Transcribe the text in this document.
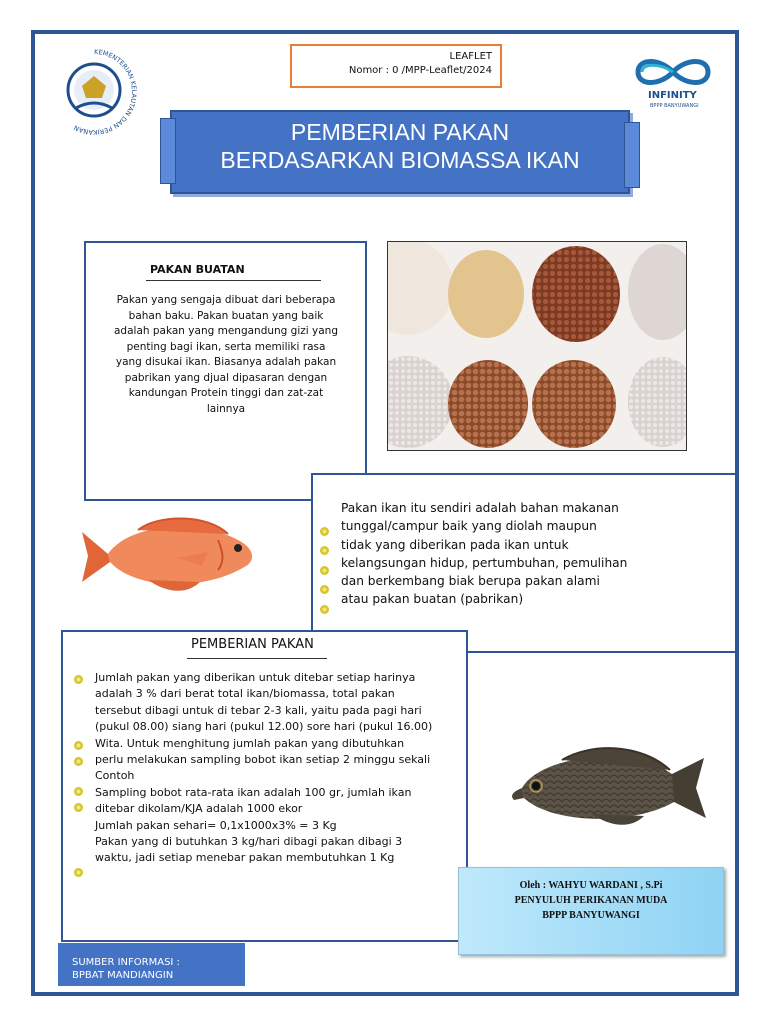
KEMENTERIAN KELAUTAN DAN PERIKANAN
LEAFLET
Nomor : 0 /MPP-Leaflet/2024
INFINITY
BPPP BANYUWANGI
PEMBERIAN PAKAN
BERDASARKAN BIOMASSA IKAN
PAKAN BUATAN
Pakan yang sengaja dibuat dari beberapa bahan baku. Pakan buatan yang baik adalah pakan yang mengandung gizi yang penting bagi ikan, serta memiliki rasa yang disukai ikan. Biasanya adalah pakan pabrikan yang djual dipasaran dengan kandungan Protein tinggi dan zat-zat lainnya
Pakan ikan itu sendiri adalah bahan makanan tunggal/campur baik yang diolah maupun tidak yang diberikan pada ikan untuk kelangsungan hidup, pertumbuhan, pemulihan dan berkembang biak berupa pakan alami atau pakan buatan (pabrikan)
PEMBERIAN PAKAN
Jumlah pakan yang diberikan untuk ditebar setiap harinya adalah 3 % dari berat total ikan/biomassa, total pakan tersebut dibagi untuk di tebar 2-3 kali, yaitu pada pagi hari (pukul 08.00) siang hari (pukul 12.00) sore hari (pukul 16.00) Wita. Untuk menghitung jumlah pakan yang dibutuhkan perlu melakukan sampling bobot ikan setiap 2 minggu sekali
Contoh
Sampling bobot rata-rata ikan adalah 100 gr, jumlah ikan ditebar dikolam/KJA adalah 1000 ekor
Jumlah pakan sehari= 0,1x1000x3% = 3 Kg
Pakan yang di butuhkan 3 kg/hari dibagi pakan dibagi 3 waktu, jadi setiap menebar pakan membutuhkan 1 Kg
Oleh : WAHYU WARDANI , S.Pi
PENYULUH PERIKANAN MUDA
BPPP BANYUWANGI
SUMBER INFORMASI :
BPBAT MANDIANGIN
